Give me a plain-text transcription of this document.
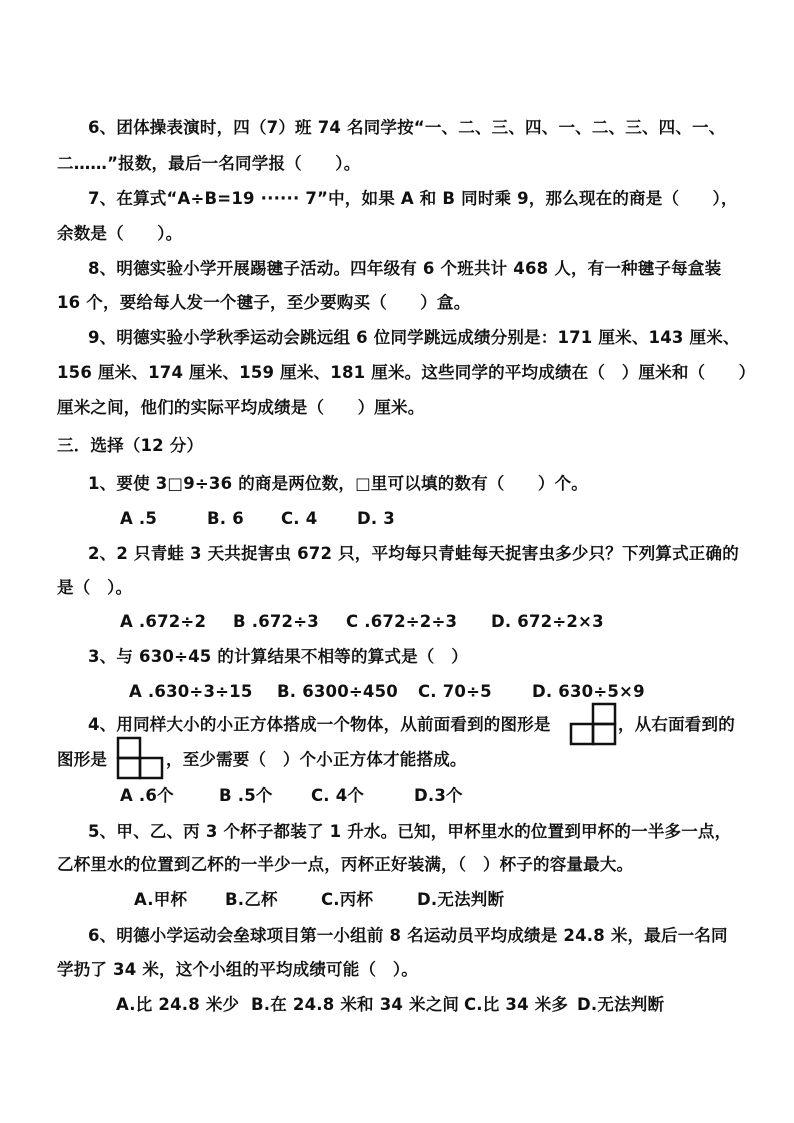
6、团体操表演时，四（7）班 74 名同学按“一、二、三、四、一、二、三、四、一、
二……”报数，最后一名同学报（　　）。
7、在算式“A÷B=19 ······ 7”中，如果 A 和 B 同时乘 9，那么现在的商是（　　），
余数是（　　）。
8、明德实验小学开展踢毽子活动。四年级有 6 个班共计 468 人，有一种毽子每盒装
16 个，要给每人发一个毽子，至少要购买（　　）盒。
9、明德实验小学秋季运动会跳远组 6 位同学跳远成绩分别是：171 厘米、143 厘米、
156 厘米、174 厘米、159 厘米、181 厘米。这些同学的平均成绩在（　）厘米和（　　）
厘米之间，他们的实际平均成绩是（　　）厘米。
三．选择（12 分）
1、要使 3□9÷36 的商是两位数，□里可以填的数有（　　）个。
A .5	B. 6 C. 4 D. 3
2、2 只青蛙 3 天共捉害虫 672 只，平均每只青蛙每天捉害虫多少只？下列算式正确的
是（　）。
A .672÷2 B .672÷3 C .672÷2÷3 D. 672÷2×3
3、与 630÷45 的计算结果不相等的算式是（　）
A .630÷3÷15 B. 6300÷450 C. 70÷5 D. 630÷5×9
4、用同样大小的小正方体搭成一个物体，从前面看到的图形是	，从右面看到的
图形是	，至少需要（　）个小正方体才能搭成。
A .6个	B .5个 C. 4个	D.3个
5、甲、乙、丙 3 个杯子都装了 1 升水。已知，甲杯里水的位置到甲杯的一半多一点，
乙杯里水的位置到乙杯的一半少一点，丙杯正好装满，（　）杯子的容量最大。
A.甲杯 B.乙杯	C.丙杯	D.无法判断
6、明德小学运动会垒球项目第一小组前 8 名运动员平均成绩是 24.8 米，最后一名同
学扔了 34 米，这个小组的平均成绩可能（　）。
A.比 24.8 米少 B.在 24.8 米和 34 米之间 C.比 34 米多 D.无法判断
